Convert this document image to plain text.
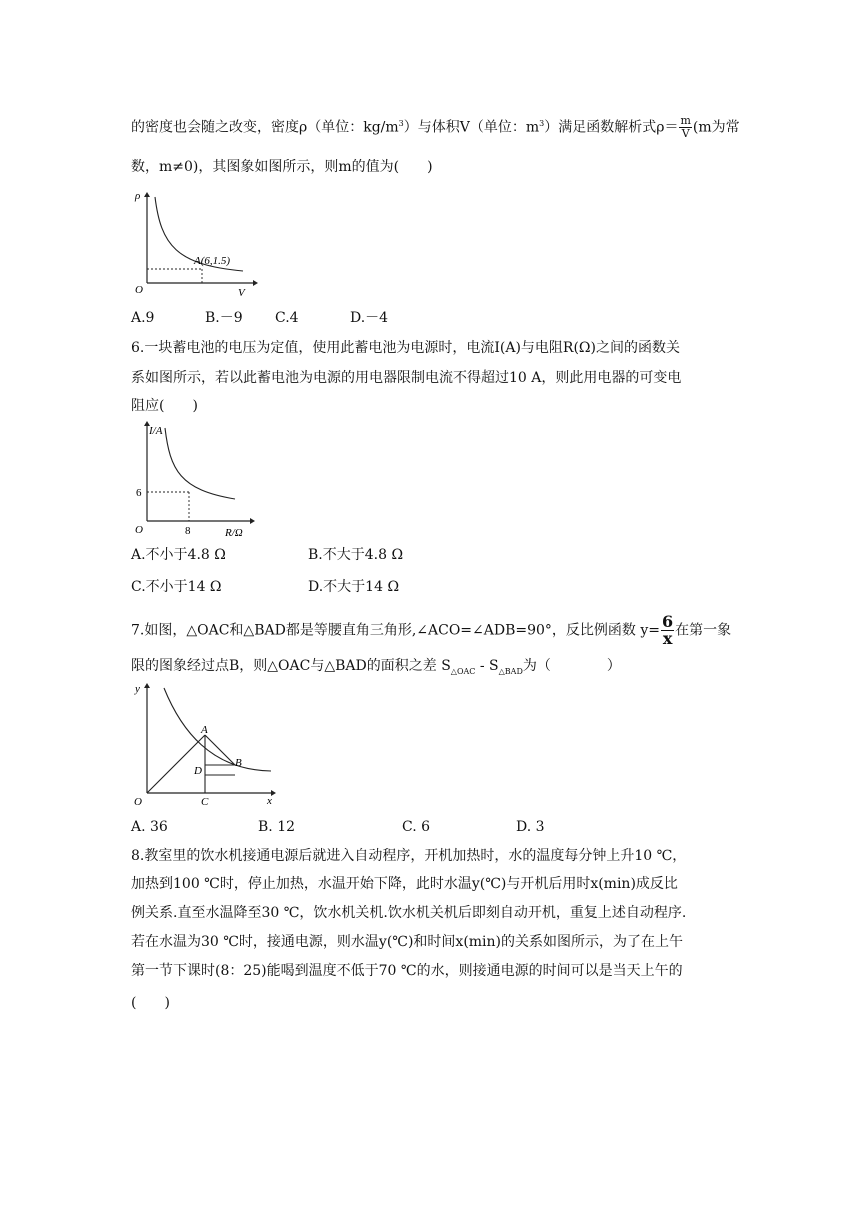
的密度也会随之改变，密度ρ（单位：$kg/m^3$）与体积V（单位：$m^3$）满足函数解析式$\rho= \frac{m}{V} (m$为常
数，m≠0)，其图象如图所示，则m的值为(　　)
ρ
V
O
A(6,1.5)
A.9	B.－9 C.4	D.－4
6.一块蓄电池的电压为定值，使用此蓄电池为电源时，电流I(A)与电阻R(Ω)之间的函数关
系如图所示，若以此蓄电池为电源的用电器限制电流不得超过10 A，则此用电器的可变电
阻应(　　)
I/A
R/Ω
O
6
8
A.不小于4.8 Ω	B.不大于4.8 Ω
C.不小于14 Ω	D.不大于14 Ω
7.如图，△OAC和△BAD都是等腰直角三角形,∠ACO=∠ADB=90°，反比例函数 $y= \frac{6}{x}$ 在第一象
限的图象经过点B，则△OAC与△BAD的面积之差 $S_{\triangle OAC} - S_{\triangle BAD}$为（　　　　）
y
x
O
A
B
C
D
A. 36	B. 12	C. 6	D. 3
8.教室里的饮水机接通电源后就进入自动程序，开机加热时，水的温度每分钟上升10 ℃，
加热到100 ℃时，停止加热，水温开始下降，此时水温y(℃)与开机后用时x(min)成反比
例关系.直至水温降至30 ℃，饮水机关机.饮水机关机后即刻自动开机，重复上述自动程序.
若在水温为30 ℃时，接通电源，则水温y(℃)和时间x(min)的关系如图所示，为了在上午
第一节下课时(8：25)能喝到温度不低于70 ℃的水，则接通电源的时间可以是当天上午的
(　　)
